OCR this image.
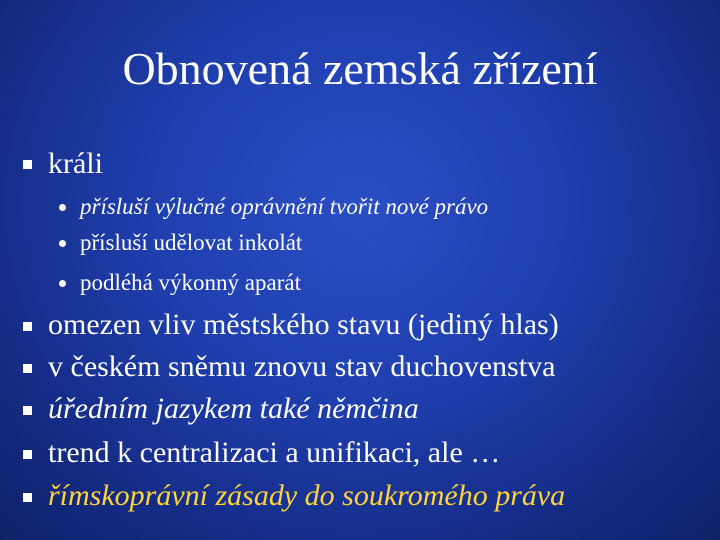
Obnovená zemská zřízení
králi
přísluší výlučné oprávnění tvořit nové právo
přísluší udělovat inkolát
podléhá výkonný aparát
omezen vliv městského stavu (jediný hlas)
v českém sněmu znovu stav duchovenstva
úředním jazykem také němčina
trend k centralizaci a unifikaci, ale …
římskoprávní zásady do soukromého práva
